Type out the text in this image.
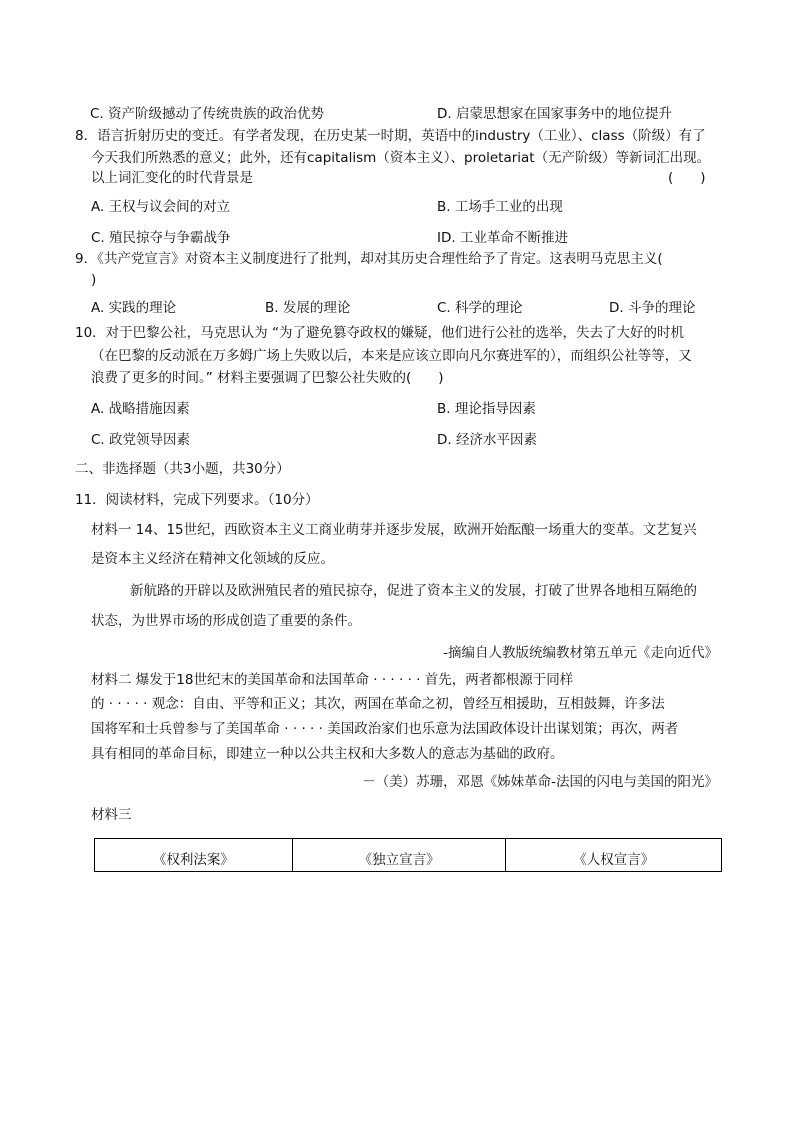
C. 资产阶级撼动了传统贵族的政治优势	D. 启蒙思想家在国家事务中的地位提升
8．语言折射历史的变迁。有学者发现，在历史某一时期，英语中的industry（工业）、class（阶级）有了
今天我们所熟悉的意义；此外，还有capitalism（资本主义）、proletariat（无产阶级）等新词汇出现。
以上词汇变化的时代背景是	(　　)
A. 王权与议会间的对立	B. 工场手工业的出现
C. 殖民掠夺与争霸战争	ID. 工业革命不断推进
9．《共产党宣言》对资本主义制度进行了批判，却对其历史合理性给予了肯定。这表明马克思主义(
)
A. 实践的理论	B. 发展的理论	C. 科学的理论	D. 斗争的理论
10．对于巴黎公社，马克思认为 “为了避免篡夺政权的嫌疑，他们进行公社的选举，失去了大好的时机
（在巴黎的反动派在万多姆广场上失败以后，本来是应该立即向凡尔赛进军的），而组织公社等等，又
浪费了更多的时间。” 材料主要强调了巴黎公社失败的(　　)
A. 战略措施因素	B. 理论指导因素
C. 政党领导因素	D. 经济水平因素
二、非选择题（共3小题，共30分）
11．阅读材料，完成下列要求。（10分）
材料一 14、15世纪，西欧资本主义工商业萌芽并逐步发展，欧洲开始酝酿一场重大的变革。文艺复兴
是资本主义经济在精神文化领域的反应。
新航路的开辟以及欧洲殖民者的殖民掠夺，促进了资本主义的发展，打破了世界各地相互隔绝的
状态，为世界市场的形成创造了重要的条件。
-摘编自人教版统编教材第五单元《走向近代》
材料二 爆发于18世纪末的美国革命和法国革命 · · · · · · 首先，两者都根源于同样
的 · · · · · 观念：自由、平等和正义；其次，两国在革命之初，曾经互相援助，互相鼓舞，许多法
国将军和士兵曾参与了美国革命 · · · · · 美国政治家们也乐意为法国政体设计出谋划策；再次，两者
具有相同的革命目标，即建立一种以公共主权和大多数人的意志为基础的政府。
－（美）苏珊，邓恩《姊妹革命-法国的闪电与美国的阳光》
材料三
《权利法案》	《独立宣言》	《人权宣言》
